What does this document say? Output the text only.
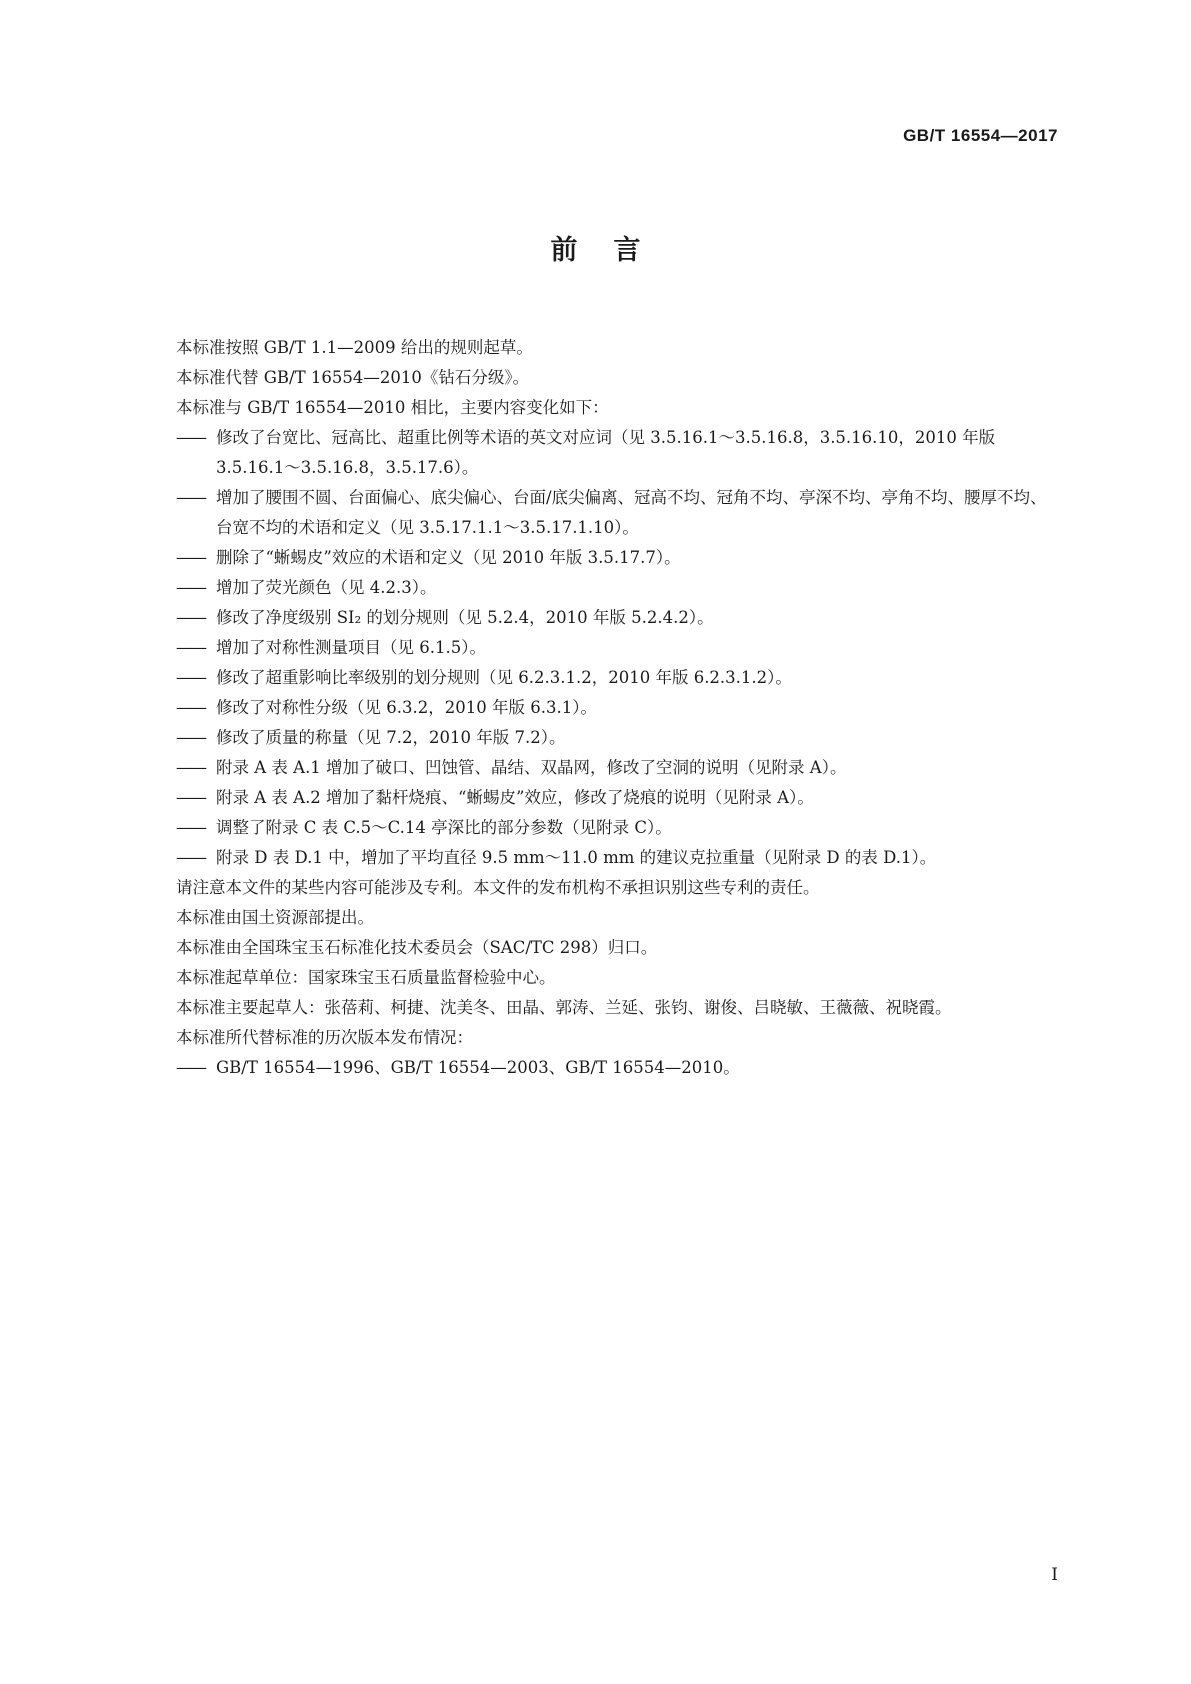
GB/T 16554—2017
前言
本标准按照 GB/T 1.1—2009 给出的规则起草。
本标准代替 GB/T 16554—2010《钻石分级》。
本标准与 GB/T 16554—2010 相比，主要内容变化如下：
—— 修改了台宽比、冠高比、超重比例等术语的英文对应词（见 3.5.16.1～3.5.16.8，3.5.16.10，2010 年版 3.5.16.1～3.5.16.8，3.5.17.6）。
—— 增加了腰围不圆、台面偏心、底尖偏心、台面/底尖偏离、冠高不均、冠角不均、亭深不均、亭角不均、腰厚不均、台宽不均的术语和定义（见 3.5.17.1.1～3.5.17.1.10）。
—— 删除了“蜥蜴皮”效应的术语和定义（见 2010 年版 3.5.17.7）。
—— 增加了荧光颜色（见 4.2.3）。
—— 修改了净度级别 SI₂ 的划分规则（见 5.2.4，2010 年版 5.2.4.2）。
—— 增加了对称性测量项目（见 6.1.5）。
—— 修改了超重影响比率级别的划分规则（见 6.2.3.1.2，2010 年版 6.2.3.1.2）。
—— 修改了对称性分级（见 6.3.2，2010 年版 6.3.1）。
—— 修改了质量的称量（见 7.2，2010 年版 7.2）。
—— 附录 A 表 A.1 增加了破口、凹蚀管、晶结、双晶网，修改了空洞的说明（见附录 A）。
—— 附录 A 表 A.2 增加了黏杆烧痕、“蜥蜴皮”效应，修改了烧痕的说明（见附录 A）。
—— 调整了附录 C 表 C.5～C.14 亭深比的部分参数（见附录 C）。
—— 附录 D 表 D.1 中，增加了平均直径 9.5 mm～11.0 mm 的建议克拉重量（见附录 D 的表 D.1）。
请注意本文件的某些内容可能涉及专利。本文件的发布机构不承担识别这些专利的责任。
本标准由国土资源部提出。
本标准由全国珠宝玉石标准化技术委员会（SAC/TC 298）归口。
本标准起草单位：国家珠宝玉石质量监督检验中心。
本标准主要起草人：张蓓莉、柯捷、沈美冬、田晶、郭涛、兰延、张钧、谢俊、吕晓敏、王薇薇、祝晓霞。
本标准所代替标准的历次版本发布情况：
—— GB/T 16554—1996、GB/T 16554—2003、GB/T 16554—2010。
I
